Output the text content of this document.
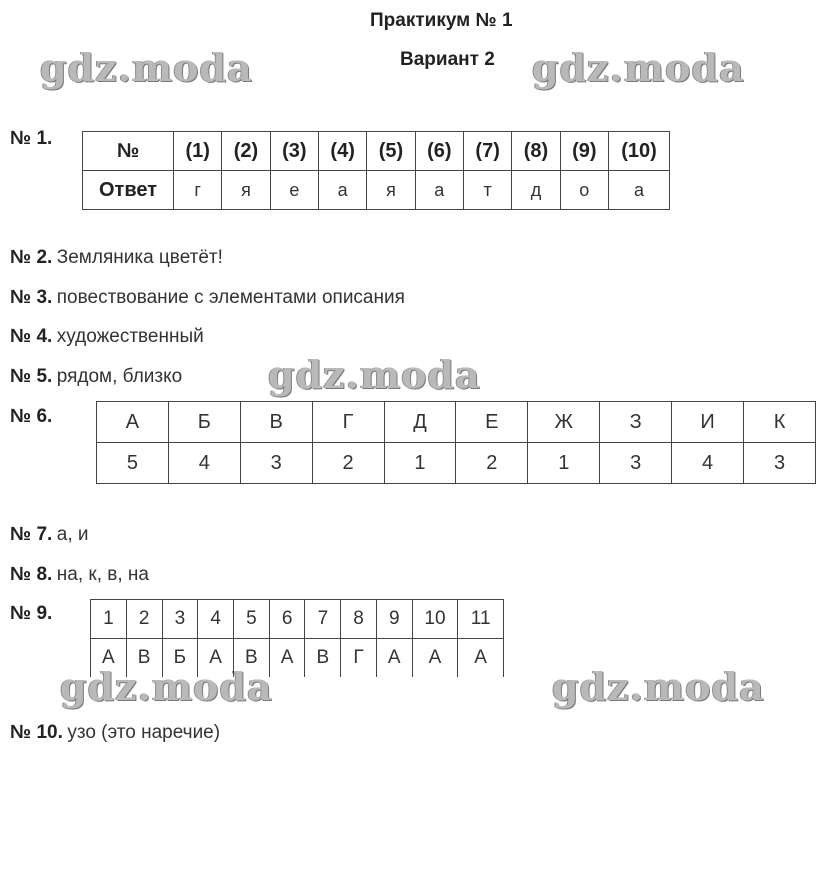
Практикум № 1
Вариант 2
gdz.moda	gdz.moda
gdz.moda
gdz.moda	gdz.moda
№ 1.
№	(1)	(2)	(3)	(4)	(5)	(6)	(7)	(8)	(9)	(10)
Ответ	г	я	е	а	я	а	т	д	о	а
№ 2. Земляника цветёт!
№ 3. повествование с элементами описания
№ 4. художественный
№ 5. рядом, близко
№ 6.	А	Б	В	Г	Д	Е	Ж	З	И	К
5	4	3	2	1	2	1	3	4	3
№ 7. а, и
№ 8. на, к, в, на
№ 9.	1	2	3	4	5	6	7	8	9	10	11
А	В	Б	А	В	А	В	Г	А	А	А
№ 10. узо (это наречие)
